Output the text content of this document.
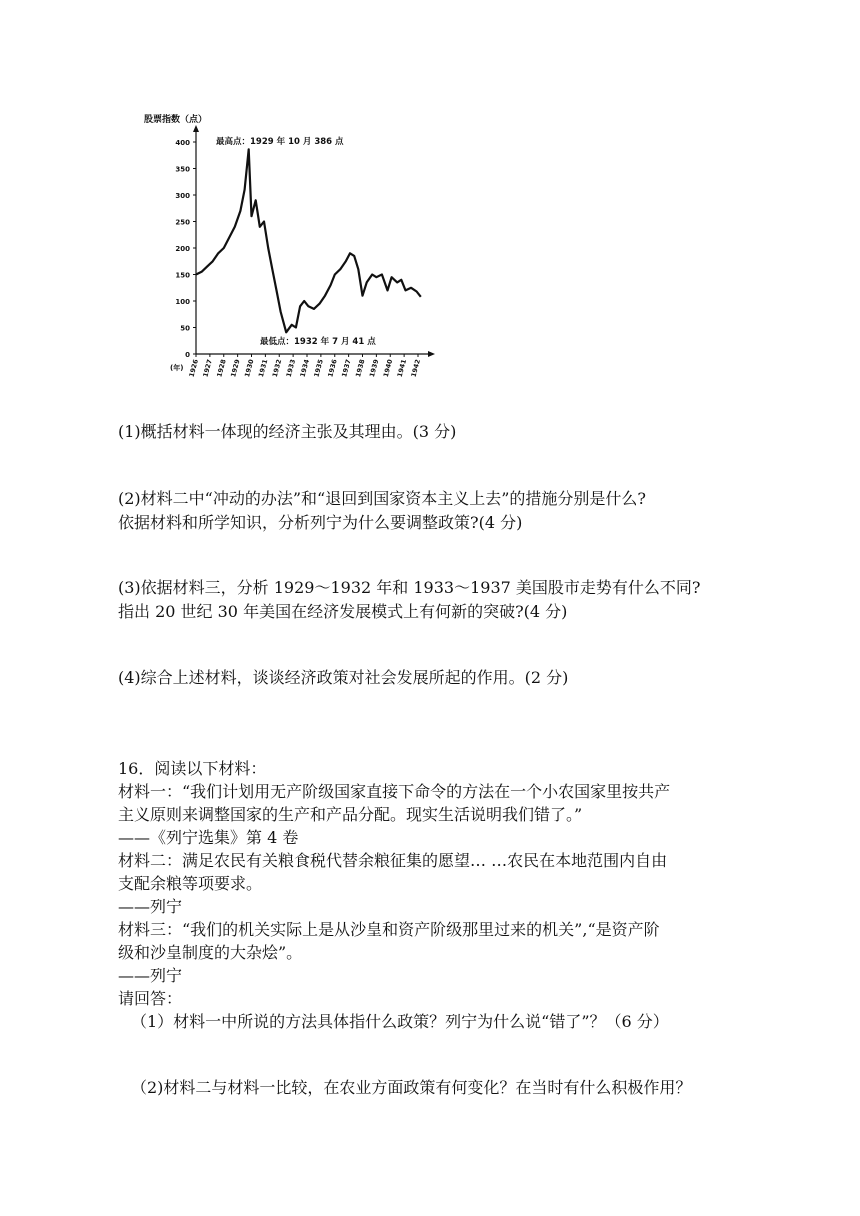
0
50
100
150
200
250
300
350
400
1926 1927 1928 1929 1930 1931 1932 1933 1934 1935 1936 1937 1938 1939 1940 1941 1942
股票指数（点）
(年)
最高点：1929 年 10 月 386 点
最低点：1932 年 7 月 41 点
(1)概括材料一体现的经济主张及其理由。(3 分)
(2)材料二中“冲动的办法”和“退回到国家资本主义上去”的措施分别是什么?
依据材料和所学知识，分析列宁为什么要调整政策?(4 分)
(3)依据材料三，分析 1929～1932 年和 1933～1937 美国股市走势有什么不同?
指出 20 世纪 30 年美国在经济发展模式上有何新的突破?(4 分)
(4)综合上述材料，谈谈经济政策对社会发展所起的作用。(2 分)
16．阅读以下材料：
材料一：“我们计划用无产阶级国家直接下命令的方法在一个小农国家里按共产
主义原则来调整国家的生产和产品分配。现实生活说明我们错了。”
——《列宁选集》第 4 卷
材料二：满足农民有关粮食税代替余粮征集的愿望… …农民在本地范围内自由
支配余粮等项要求。
——列宁
材料三：“我们的机关实际上是从沙皇和资产阶级那里过来的机关”,“是资产阶
级和沙皇制度的大杂烩”。
——列宁
请回答：
（1）材料一中所说的方法具体指什么政策？列宁为什么说“错了”？（6 分）
（2)材料二与材料一比较，在农业方面政策有何变化？在当时有什么积极作用？
